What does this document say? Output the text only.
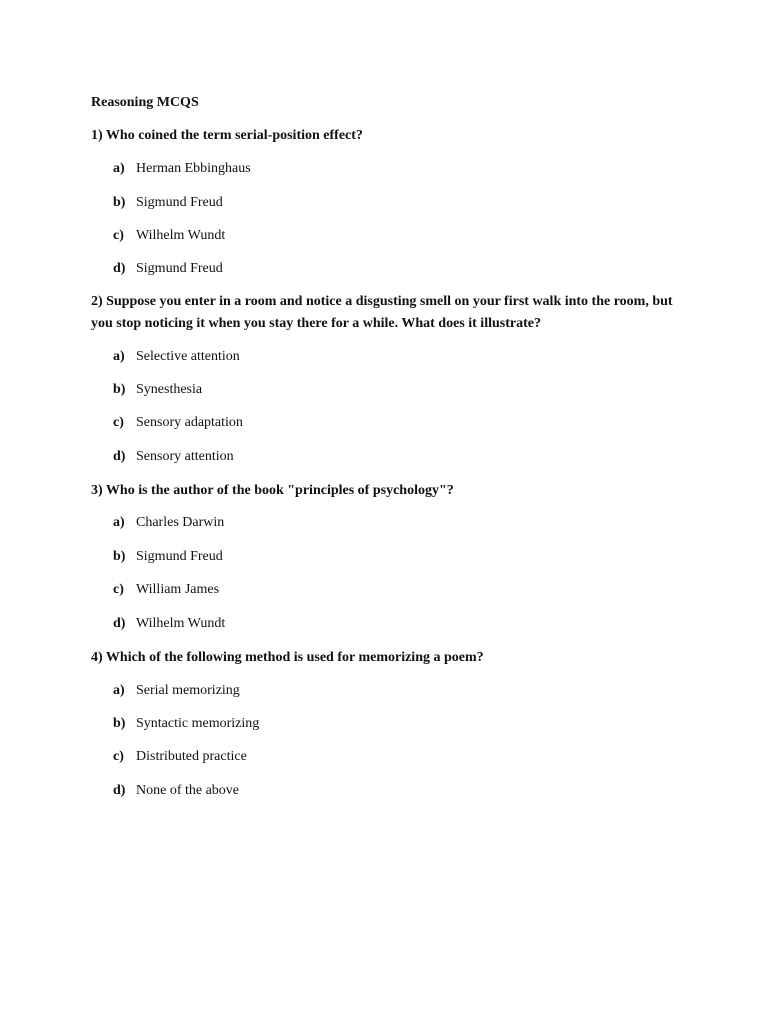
Reasoning MCQS
1) Who coined the term serial-position effect?
a) Herman Ebbinghaus
b) Sigmund Freud
c) Wilhelm Wundt
d) Sigmund Freud
2) Suppose you enter in a room and notice a disgusting smell on your first walk into the room, but you stop noticing it when you stay there for a while. What does it illustrate?
a) Selective attention
b) Synesthesia
c) Sensory adaptation
d) Sensory attention
3) Who is the author of the book "principles of psychology"?
a) Charles Darwin
b) Sigmund Freud
c) William James
d) Wilhelm Wundt
4) Which of the following method is used for memorizing a poem?
a) Serial memorizing
b) Syntactic memorizing
c) Distributed practice
d) None of the above
